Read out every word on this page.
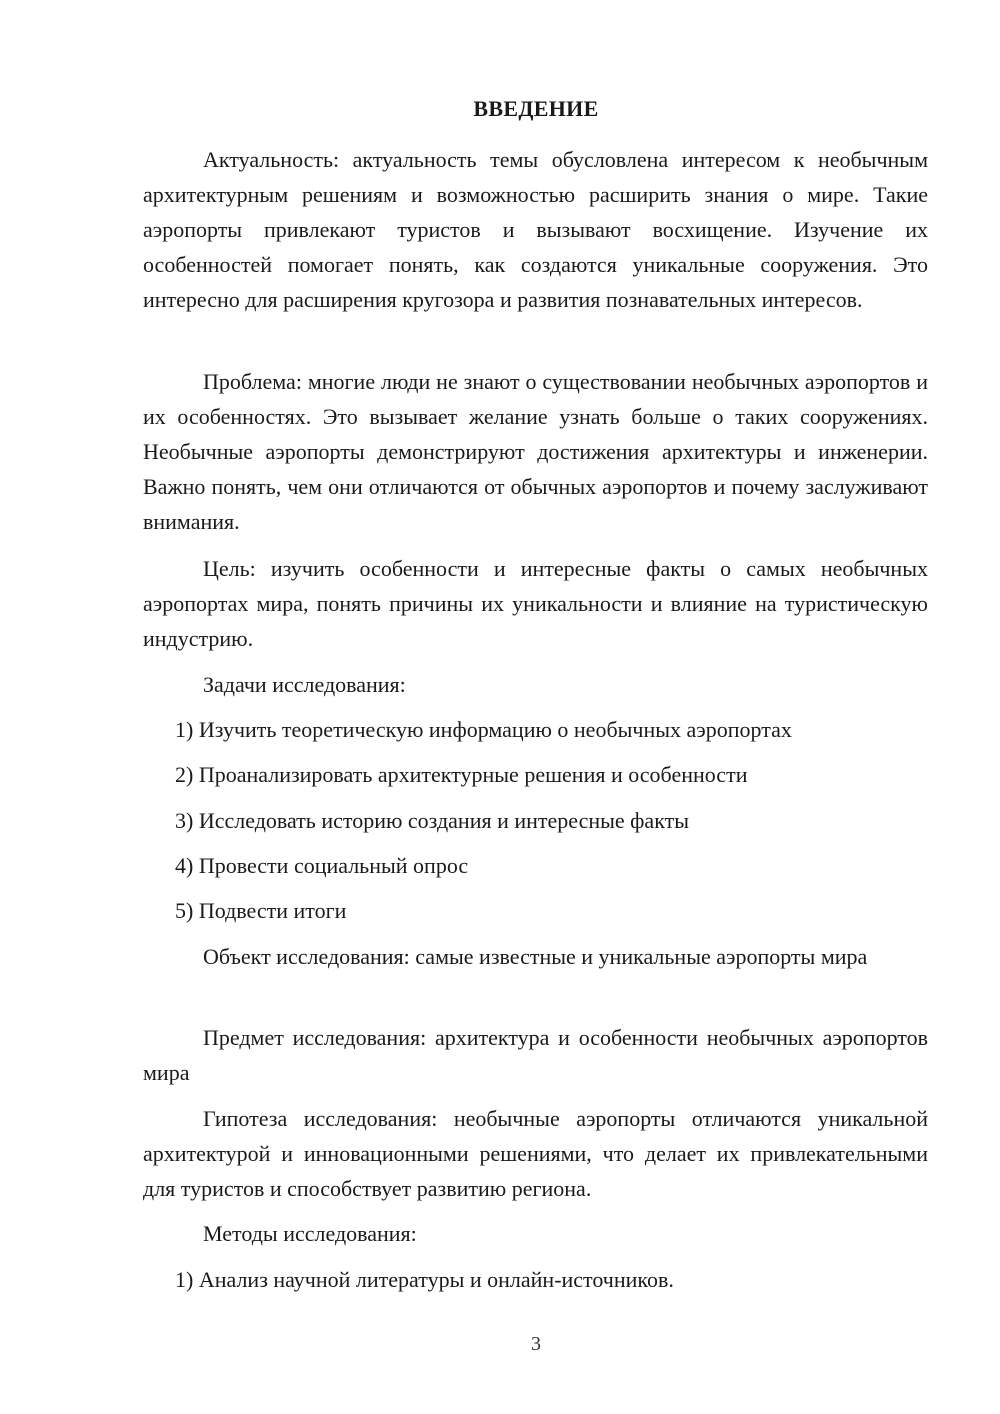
ВВЕДЕНИЕ

Актуальность: актуальность темы обусловлена интересом к необычным архитектурным решениям и возможностью расширить знания о мире. Такие аэропорты привлекают туристов и вызывают восхищение. Изучение их особенностей помогает понять, как создаются уникальные сооружения. Это интересно для расширения кругозора и развития познавательных интересов.

Проблема: многие люди не знают о существовании необычных аэропортов и их особенностях. Это вызывает желание узнать больше о таких сооружениях. Необычные аэропорты демонстрируют достижения архитектуры и инженерии. Важно понять, чем они отличаются от обычных аэропортов и почему заслуживают внимания.

Цель: изучить особенности и интересные факты о самых необычных аэропортах мира, понять причины их уникальности и влияние на туристическую индустрию.

Задачи исследования:

1) Изучить теоретическую информацию о необычных аэропортах

2) Проанализировать архитектурные решения и особенности

3) Исследовать историю создания и интересные факты

4) Провести социальный опрос

5) Подвести итоги

Объект исследования: самые известные и уникальные аэропорты мира

Предмет исследования: архитектура и особенности необычных аэропортов мира

Гипотеза исследования: необычные аэропорты отличаются уникальной архитектурой и инновационными решениями, что делает их привлекательными для туристов и способствует развитию региона.

Методы исследования:

1) Анализ научной литературы и онлайн-источников.

3
